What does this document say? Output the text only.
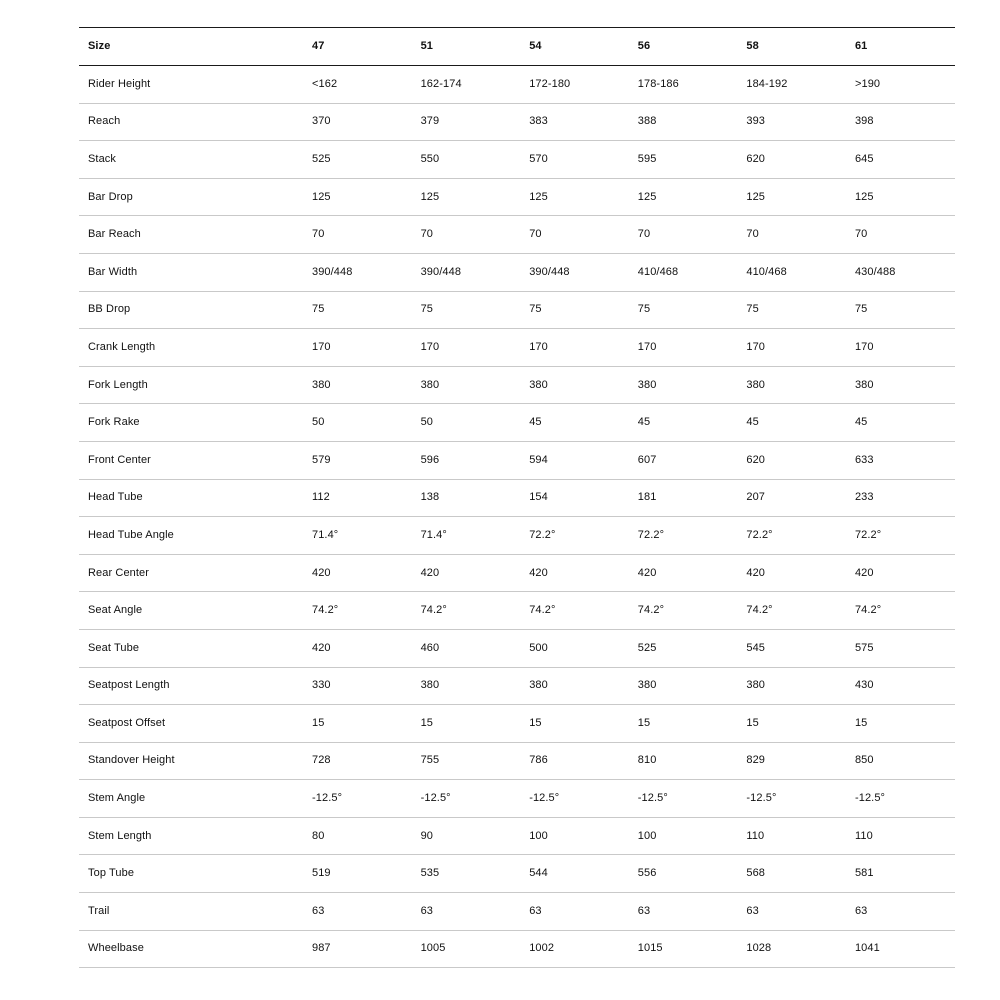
Size	47	51	54	56	58	61
Rider Height	<162	162-174	172-180	178-186	184-192	>190
Reach	370	379	383	388	393	398
Stack	525	550	570	595	620	645
Bar Drop	125	125	125	125	125	125
Bar Reach	70	70	70	70	70	70
Bar Width	390/448	390/448	390/448	410/468	410/468	430/488
BB Drop	75	75	75	75	75	75
Crank Length	170	170	170	170	170	170
Fork Length	380	380	380	380	380	380
Fork Rake	50	50	45	45	45	45
Front Center	579	596	594	607	620	633
Head Tube	112	138	154	181	207	233
Head Tube Angle	71.4°	71.4°	72.2°	72.2°	72.2°	72.2°
Rear Center	420	420	420	420	420	420
Seat Angle	74.2°	74.2°	74.2°	74.2°	74.2°	74.2°
Seat Tube	420	460	500	525	545	575
Seatpost Length	330	380	380	380	380	430
Seatpost Offset	15	15	15	15	15	15
Standover Height	728	755	786	810	829	850
Stem Angle	-12.5°	-12.5°	-12.5°	-12.5°	-12.5°	-12.5°
Stem Length	80	90	100	100	110	110
Top Tube	519	535	544	556	568	581
Trail	63	63	63	63	63	63
Wheelbase	987	1005	1002	1015	1028	1041
